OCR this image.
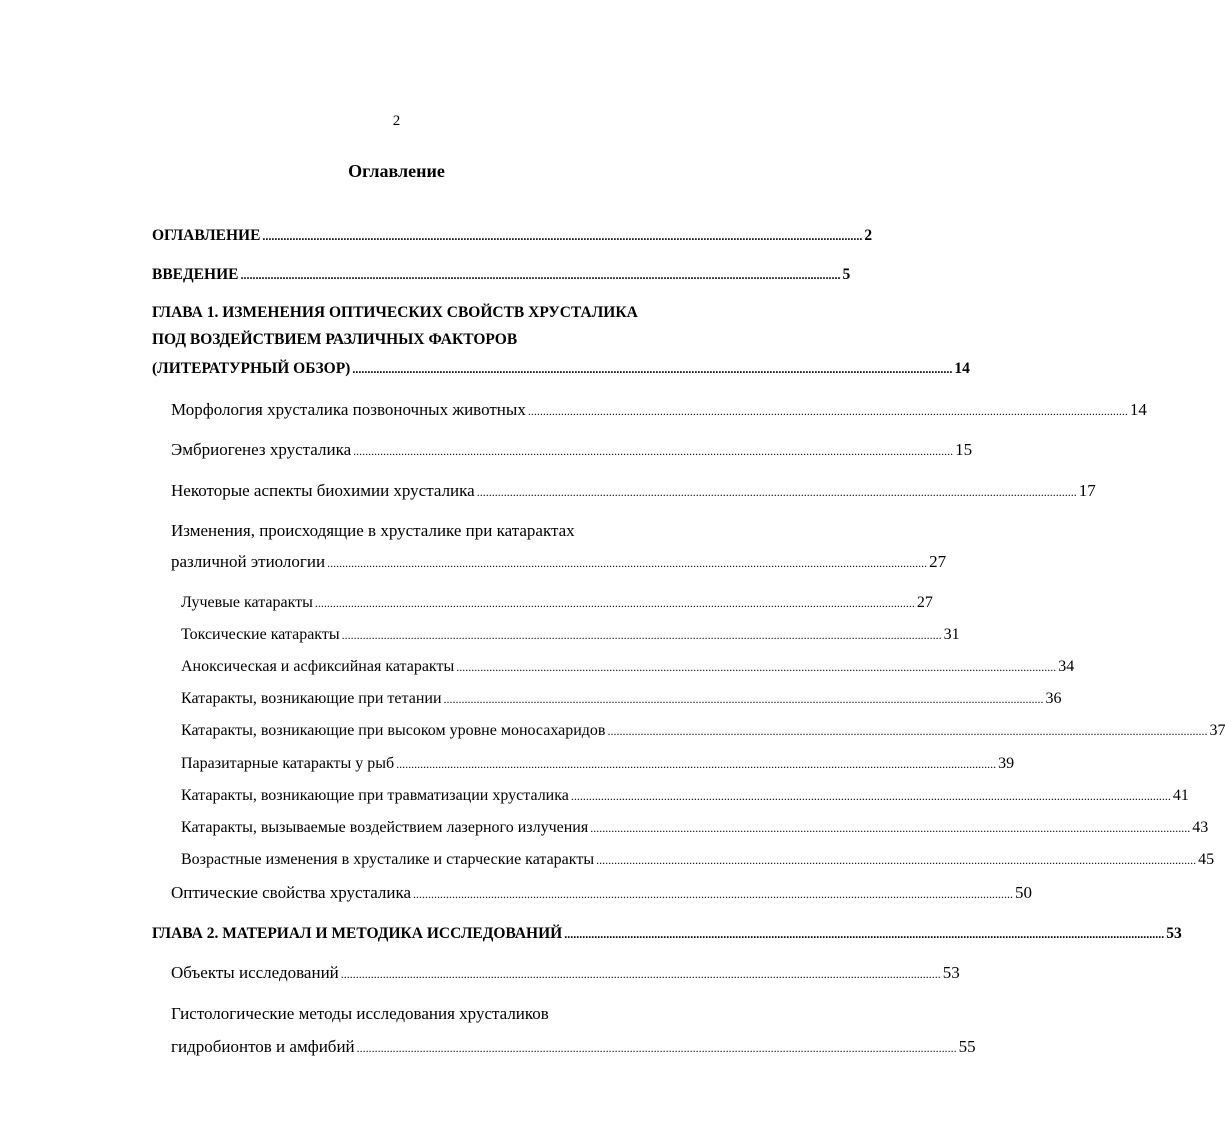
2
Оглавление
ОГЛАВЛЕНИЕ ........................................................................................................................................................................................................ 2
ВВЕДЕНИЕ ........................................................................................................................................................................................................ 5
ГЛАВА 1. ИЗМЕНЕНИЯ ОПТИЧЕСКИХ СВОЙСТВ ХРУСТАЛИКА
ПОД ВОЗДЕЙСТВИЕМ РАЗЛИЧНЫХ ФАКТОРОВ
(ЛИТЕРАТУРНЫЙ ОБЗОР) ........................................................................................................................................................................................................ 14
Морфология хрусталика позвоночных животных ........................................................................................................................................................................................................ 14
Эмбриогенез хрусталика ........................................................................................................................................................................................................ 15
Некоторые аспекты биохимии хрусталика ........................................................................................................................................................................................................ 17
Изменения, происходящие в хрусталике при катарактах
различной этиологии ........................................................................................................................................................................................................ 27
Лучевые катаракты ........................................................................................................................................................................................................ 27
Токсические катаракты ........................................................................................................................................................................................................ 31
Аноксическая и асфиксийная катаракты ........................................................................................................................................................................................................ 34
Катаракты, возникающие при тетании ........................................................................................................................................................................................................ 36
Катаракты, возникающие при высоком уровне моносахаридов ........................................................................................................................................................................................................ 37
Паразитарные катаракты у рыб ........................................................................................................................................................................................................ 39
Катаракты, возникающие при травматизации хрусталика ........................................................................................................................................................................................................ 41
Катаракты, вызываемые воздействием лазерного излучения ........................................................................................................................................................................................................ 43
Возрастные изменения в хрусталике и старческие катаракты ........................................................................................................................................................................................................ 45
Оптические свойства хрусталика ........................................................................................................................................................................................................ 50
ГЛАВА 2. МАТЕРИАЛ И МЕТОДИКА ИССЛЕДОВАНИЙ ........................................................................................................................................................................................................ 53
Объекты исследований ........................................................................................................................................................................................................ 53
Гистологические методы исследования хрусталиков
гидробионтов и амфибий ........................................................................................................................................................................................................ 55
